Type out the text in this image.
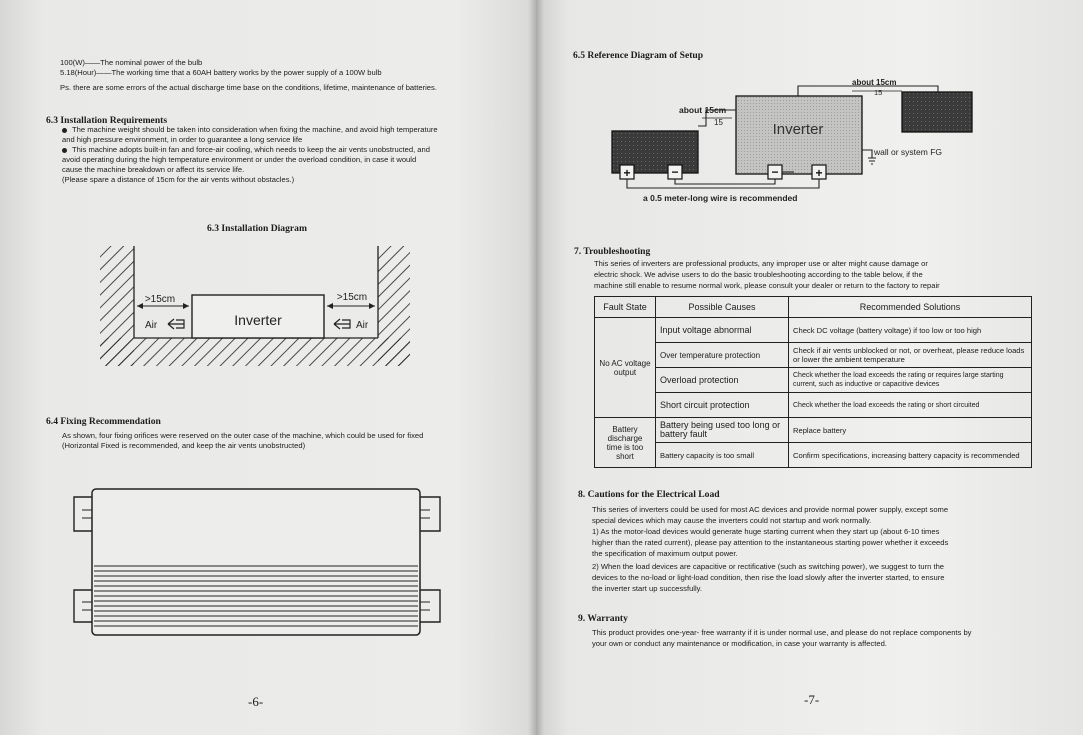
100(W)——The nominal power of the bulb
5.18(Hour)——The working time that a 60AH battery works by the power supply of a 100W bulb
Ps. there are some errors of the actual discharge time base on the conditions, lifetime, maintenance of batteries.
6.3 Installation Requirements
The machine weight should be taken into consideration when fixing the machine, and avoid high temperature
and high pressure environment, in order to guarantee a long service life
This machine adopts built-in fan and force-air cooling, which needs to keep the air vents unobstructed, and
avoid operating during the high temperature environment or under the overload condition, in case it would
cause the machine breakdown or affect its service life.
(Please spare a distance of 15cm for the air vents without obstacles.)
6.3 Installation Diagram
Inverter
>15cm	>15cm
Air	Air
6.4 Fixing Recommendation
As shown, four fixing orifices were reserved on the outer case of the machine, which could be used for fixed
(Horizontal Fixed is recommended, and keep the air vents unobstructed)
-6-
6.5 Reference Diagram of Setup
+	−
Inverter
−	+
about 15cm
15
about 15cm
15
wall or system FG
a 0.5 meter-long wire is recommended
7. Troubleshooting
This series of inverters are professional products, any improper use or alter might cause damage or
electric shock. We advise users to do the basic troubleshooting according to the table below, if the
machine still enable to resume normal work, please consult your dealer or return to the factory to repair
Fault State	Possible Causes	Recommended Solutions
No AC voltage output	Input voltage abnormal	Check DC voltage (battery voltage) if too low or too high
	Over temperature protection	Check if air vents unblocked or not, or overheat, please reduce loads or lower the ambient temperature
	Overload protection	Check whether the load exceeds the rating or requires large starting current, such as inductive or capacitive devices
	Short circuit protection	Check whether the load exceeds the rating or short circuited
Battery discharge time is too short	Battery being used too long or battery fault	Replace battery
	Battery capacity is too small	Confirm specifications, increasing battery capacity is recommended
8. Cautions for the Electrical Load
This series of inverters could be used for most AC devices and provide normal power supply, except some
special devices which may cause the inverters could not startup and work normally.
1) As the motor-load devices would generate huge starting current when they start up (about 6-10 times
higher than the rated current), please pay attention to the instantaneous starting power whether it exceeds
the specification of maximum output power.
2) When the load devices are capacitive or rectificative (such as switching power), we suggest to turn the
devices to the no-load or light-load condition, then rise the load slowly after the inverter started, to ensure
the inverter start up successfully.
9. Warranty
This product provides one-year- free warranty if it is under normal use, and please do not replace components by
your own or conduct any maintenance or modification, in case your warranty is affected.
-7-
